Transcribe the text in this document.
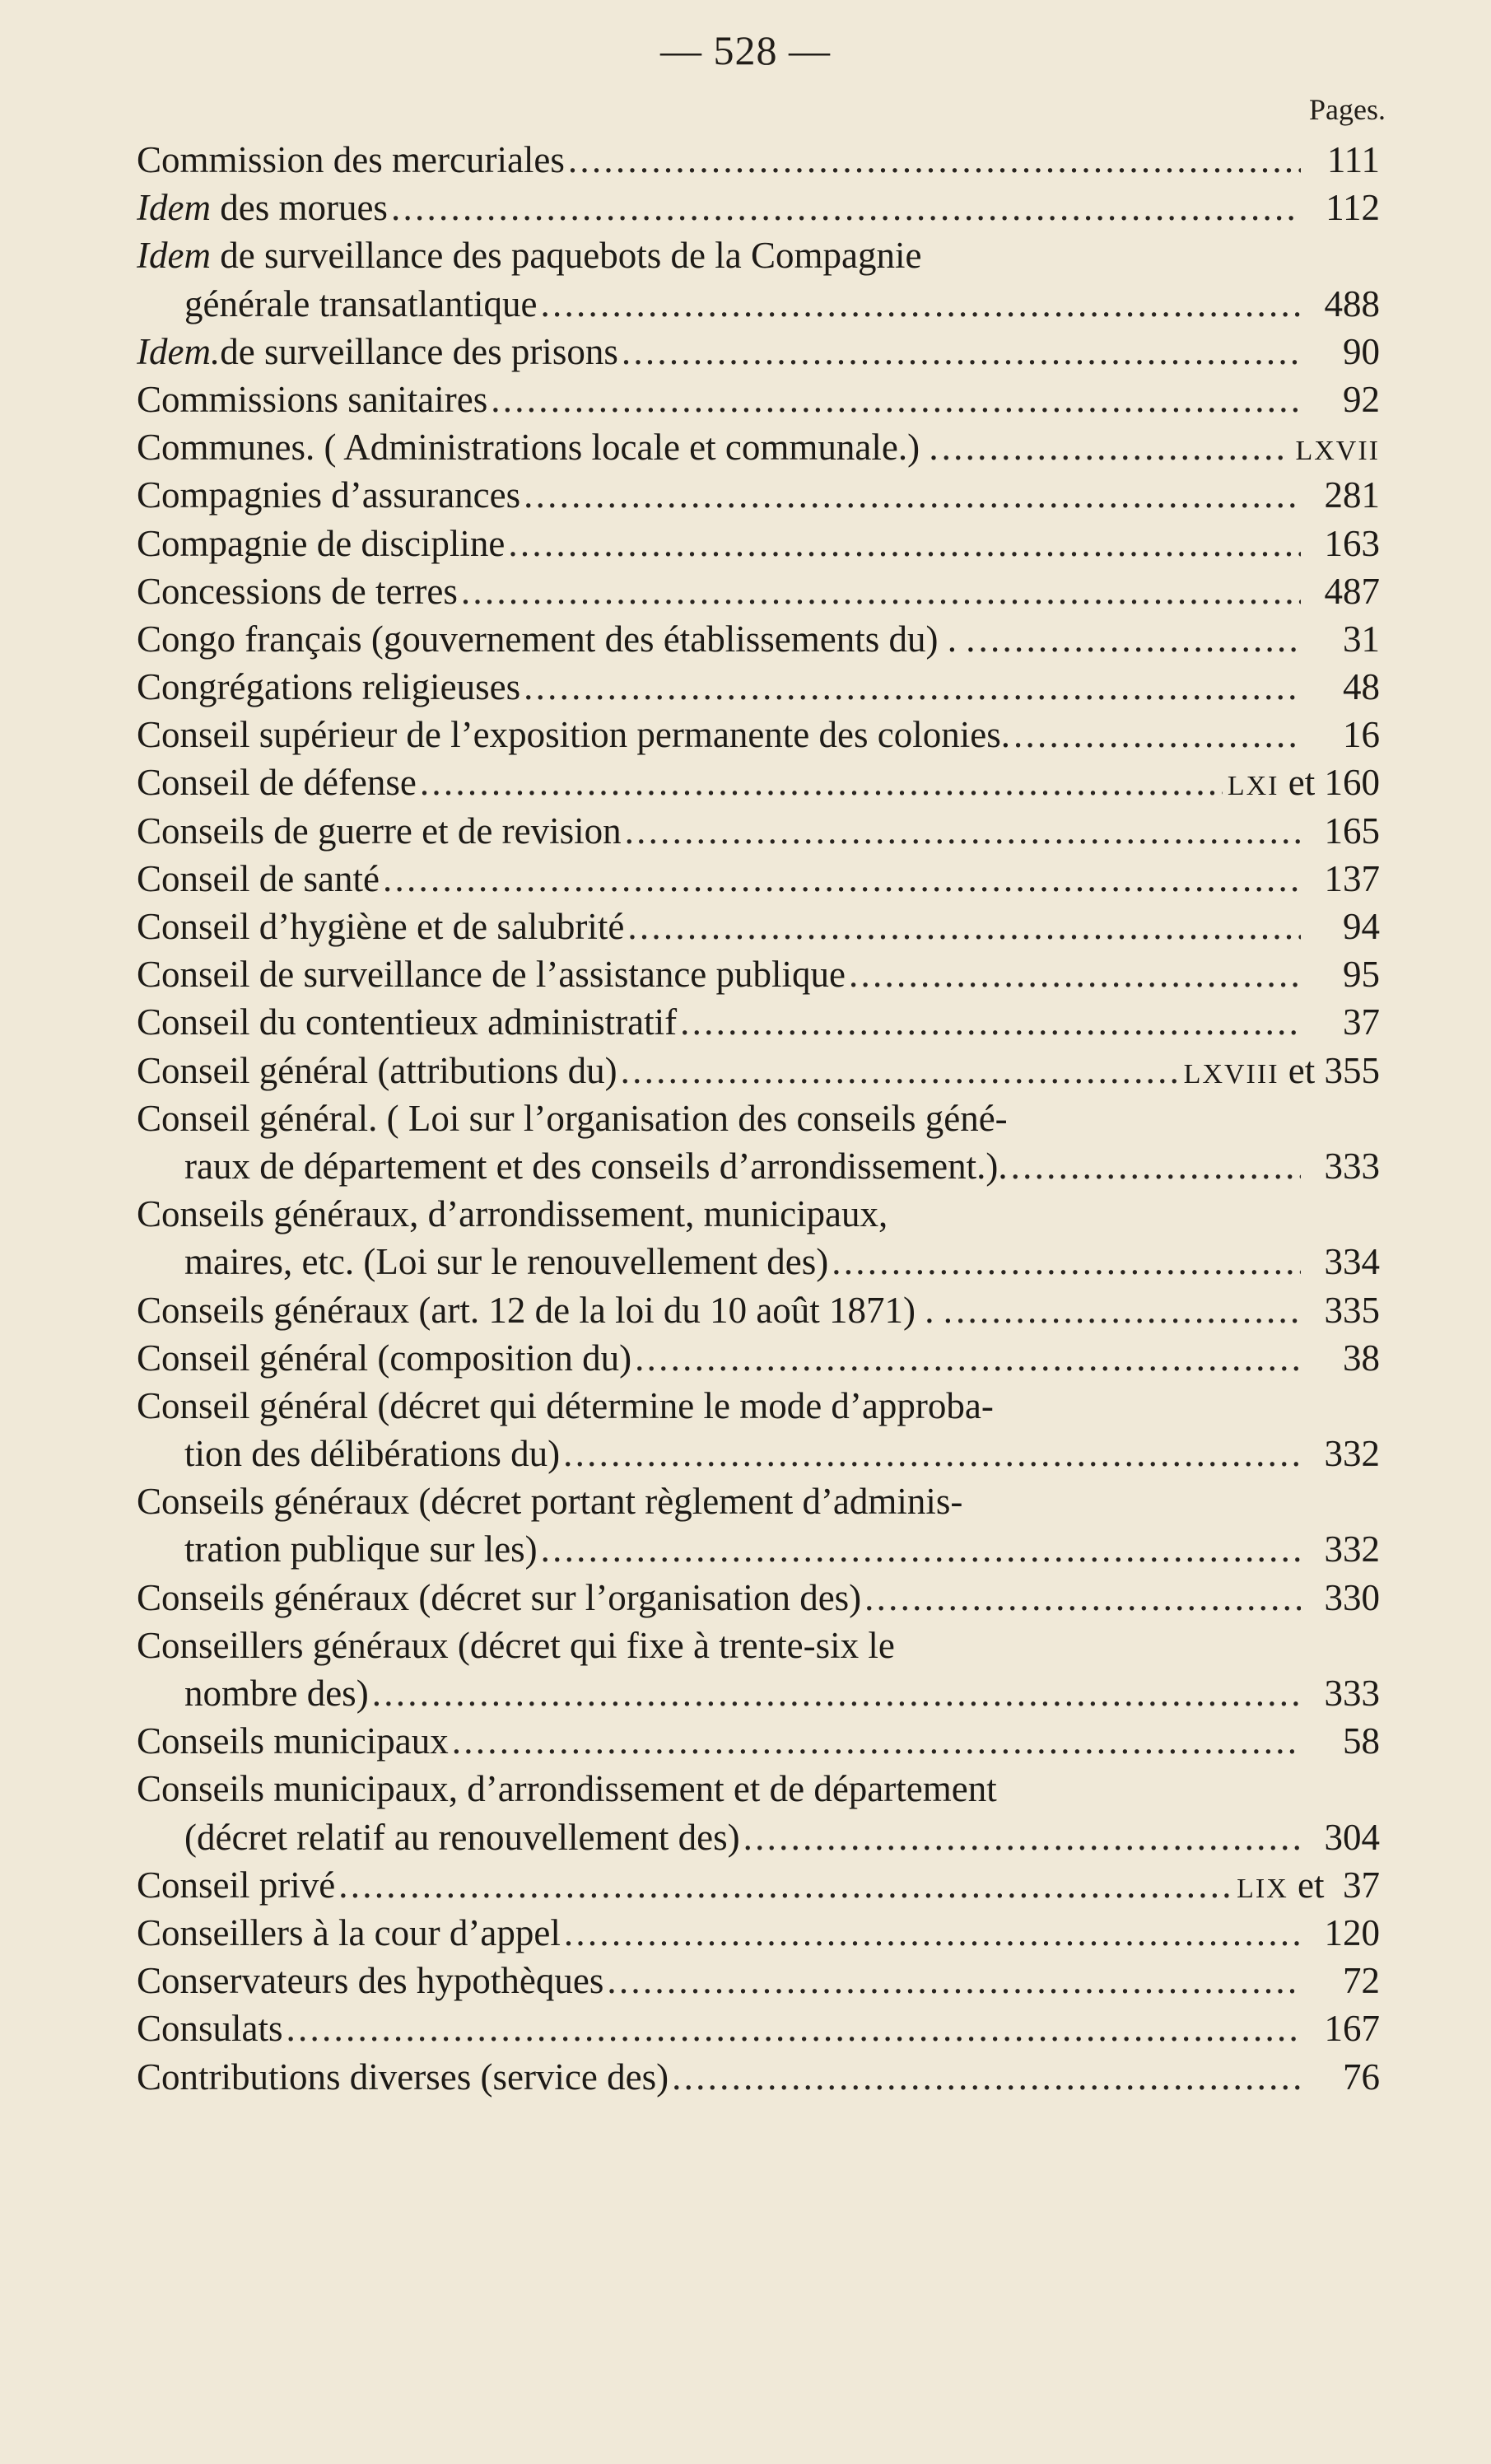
— 528 —
Pages.
Commission des mercuriales . . .	111
Idem des morues . . .	112
Idem de surveillance des paquebots de la Compagnie
générale transatlantique . . .	488
Idem.de surveillance des prisons . . .	90
Commissions sanitaires . . .	92
Communes. ( Administrations locale et communale.) . . . .	LXVII
Compagnies d’assurances . . .	281
Compagnie de discipline . . .	163
Concessions de terres . . .	487
Congo français (gouvernement des établissements du) . . . . .	31
Congrégations religieuses . . .	48
Conseil supérieur de l’exposition permanente des colonies. . . .	16
Conseil de défense . . .	LXI et 160
Conseils de guerre et de revision . . .	165
Conseil de santé . . .	137
Conseil d’hygiène et de salubrité . . .	94
Conseil de surveillance de l’assistance publique . . .	95
Conseil du contentieux administratif . . .	37
Conseil général (attributions du) . . .	LXVIII et 355
Conseil général. ( Loi sur l’organisation des conseils géné-
raux de département et des conseils d’arrondissement.). . . .	333
Conseils généraux, d’arrondissement, municipaux,
maires, etc. (Loi sur le renouvellement des) . . .	334
Conseils généraux (art. 12 de la loi du 10 août 1871) . . . . .	335
Conseil général (composition du) . . .	38
Conseil général (décret qui détermine le mode d’approba-
tion des délibérations du) . . .	332
Conseils généraux (décret portant règlement d’adminis-
tration publique sur les) . . .	332
Conseils généraux (décret sur l’organisation des) . . .	330
Conseillers généraux (décret qui fixe à trente-six le
nombre des) . . .	333
Conseils municipaux . . .	58
Conseils municipaux, d’arrondissement et de département
(décret relatif au renouvellement des) . . .	304
Conseil privé . . .	LIX et  37
Conseillers à la cour d’appel . . .	120
Conservateurs des hypothèques . . .	72
Consulats . . .	167
Contributions diverses (service des) . . .	76
